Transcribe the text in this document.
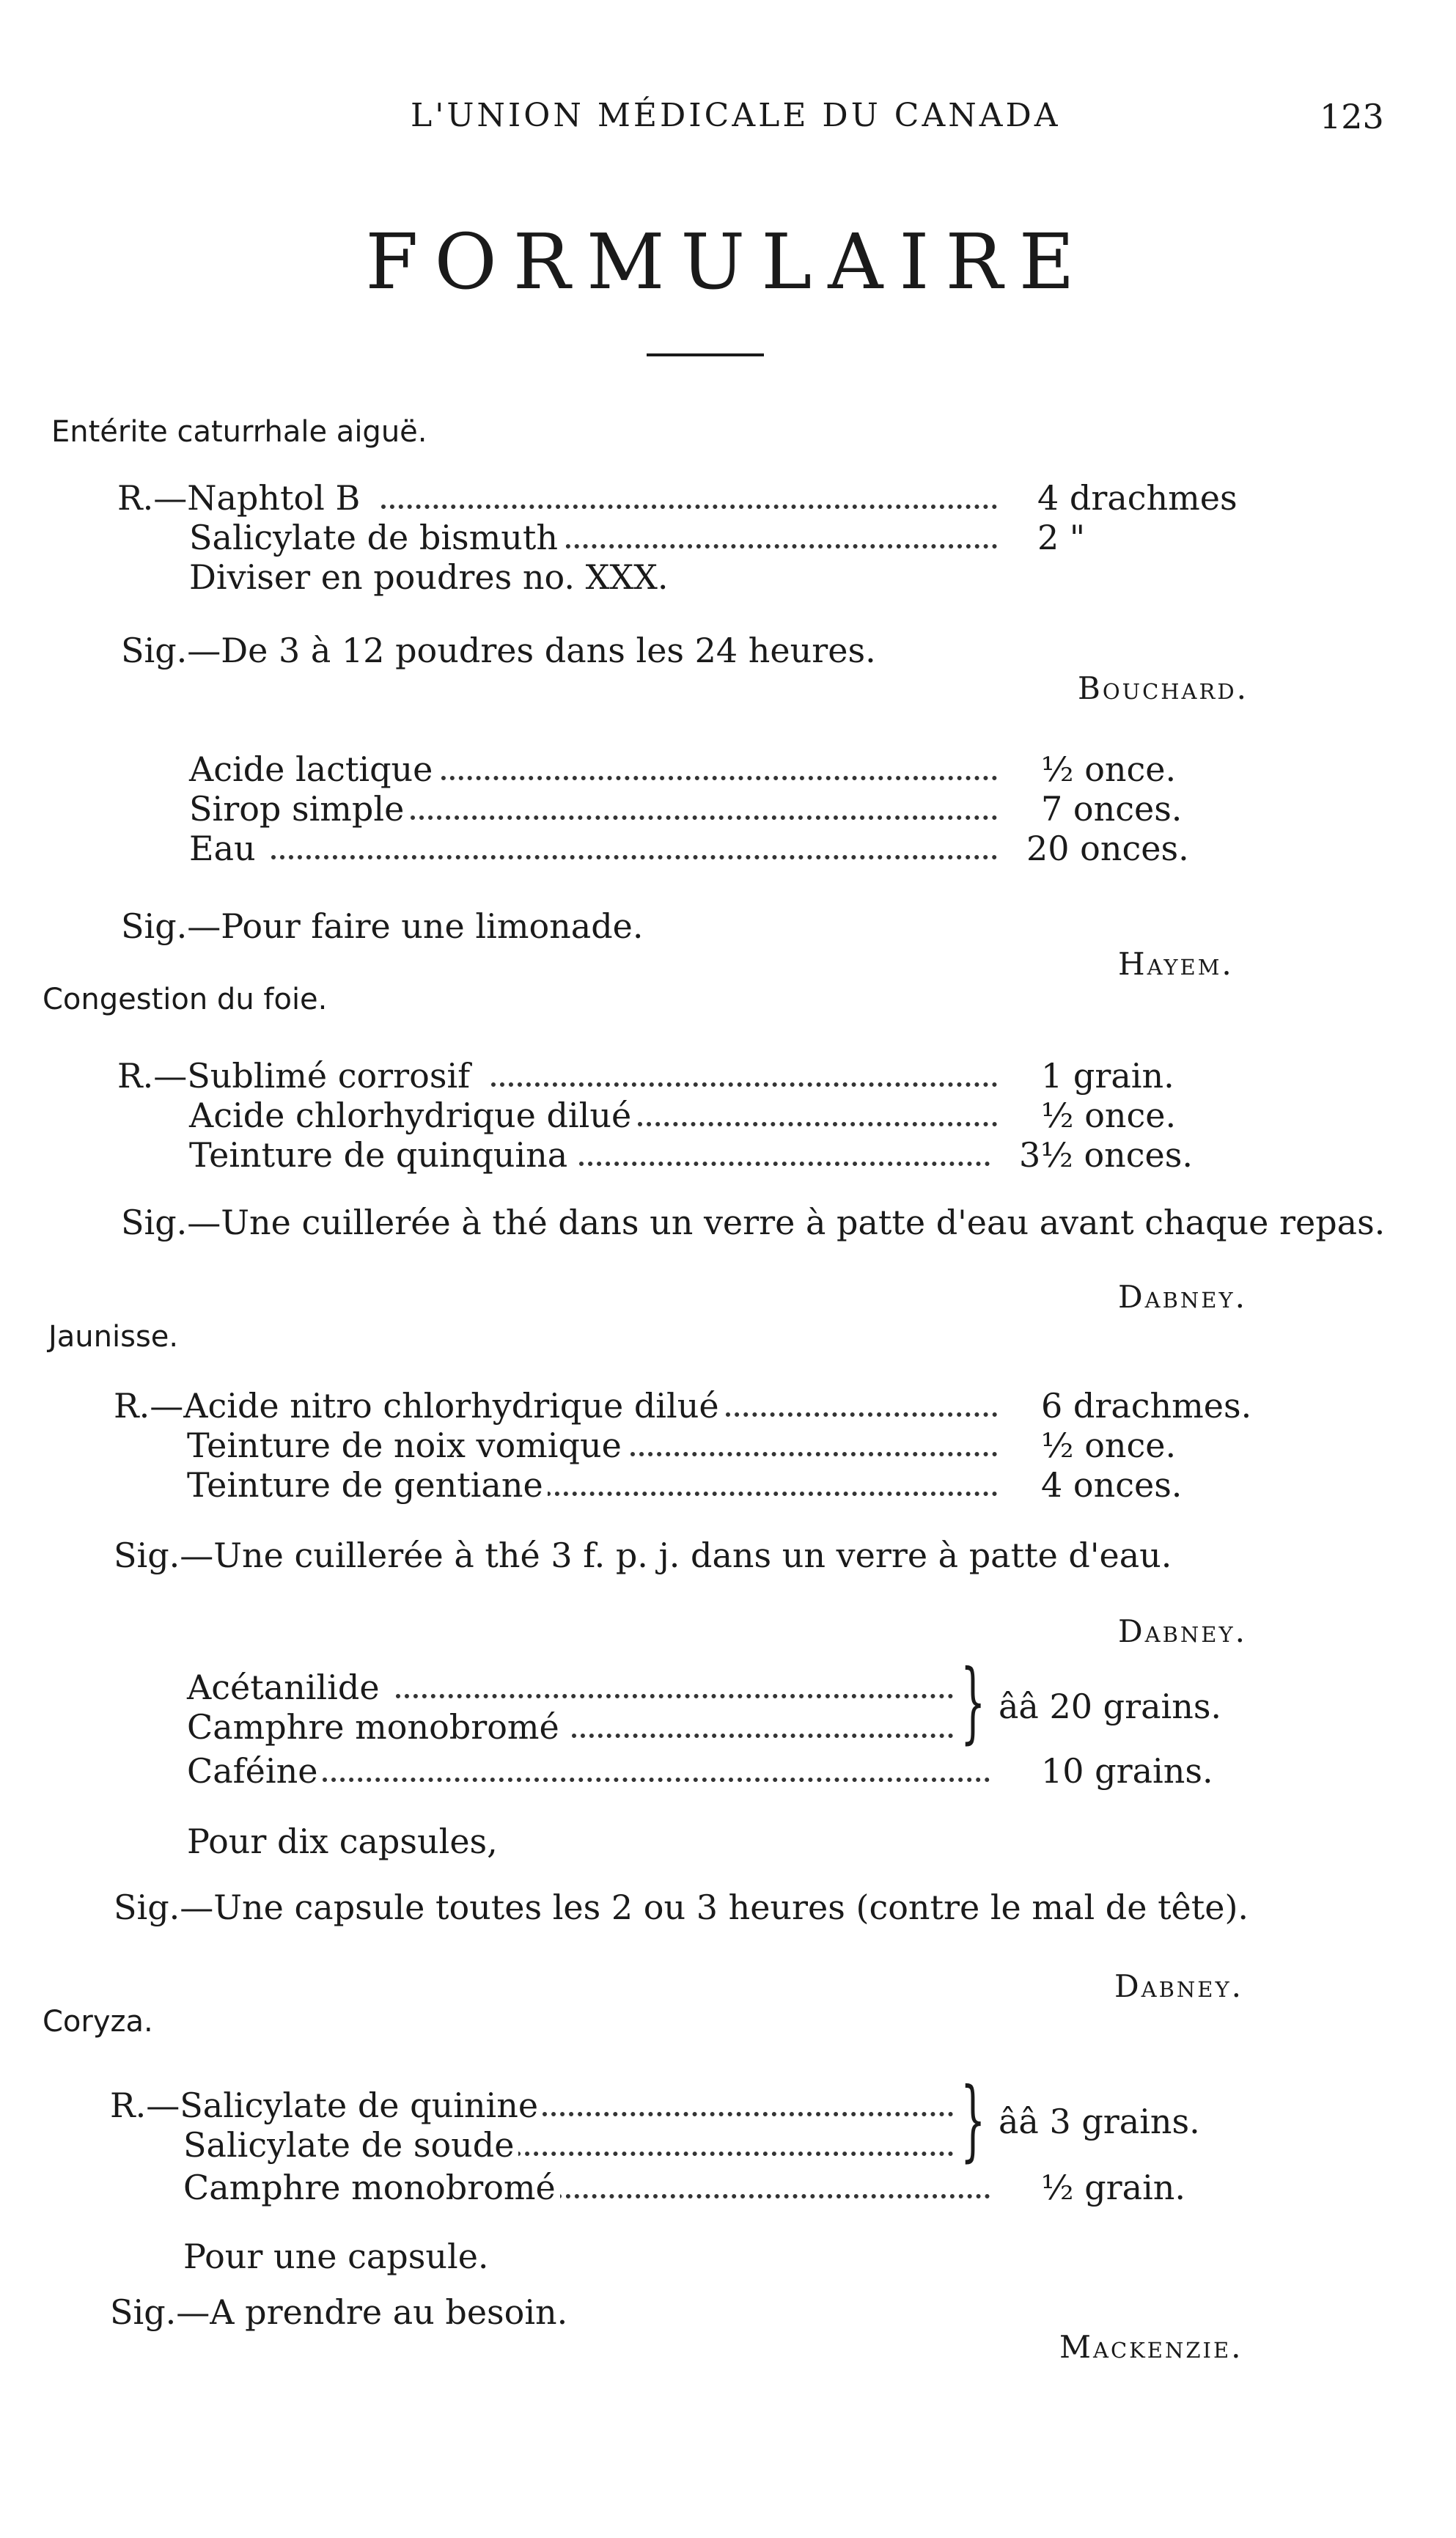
L'UNION MÉDICALE DU CANADA	123
FORMULAIRE
Entérite caturrhale aiguë.
R.—Naphtol B	4 drachmes
Salicylate de bismuth	2 "
Diviser en poudres no. XXX.
Sig.—De 3 à 12 poudres dans les 24 heures.
Bouchard.
Acide lactique	½ once.
Sirop simple	7 onces.
Eau	20 onces.
Sig.—Pour faire une limonade.
Hayem.
Congestion du foie.
R.—Sublimé corrosif	1 grain.
Acide chlorhydrique dilué	½ once.
Teinture de quinquina	3½ onces.
Sig.—Une cuillerée à thé dans un verre à patte d'eau avant chaque repas.
Dabney.
Jaunisse.
R.—Acide nitro chlorhydrique dilué	6 drachmes.
Teinture de noix vomique	½ once.
Teinture de gentiane	4 onces.
Sig.—Une cuillerée à thé 3 f. p. j. dans un verre à patte d'eau.
Dabney.
Acétanilide
Camphre monobromé	} ââ 20 grains.
Caféine	10 grains.
Pour dix capsules,
Sig.—Une capsule toutes les 2 ou 3 heures (contre le mal de tête).
Dabney.
Coryza.
R.—Salicylate de quinine
Salicylate de soude	} ââ 3 grains.
Camphre monobromé	½ grain.
Pour une capsule.
Sig.—A prendre au besoin.
Mackenzie.
